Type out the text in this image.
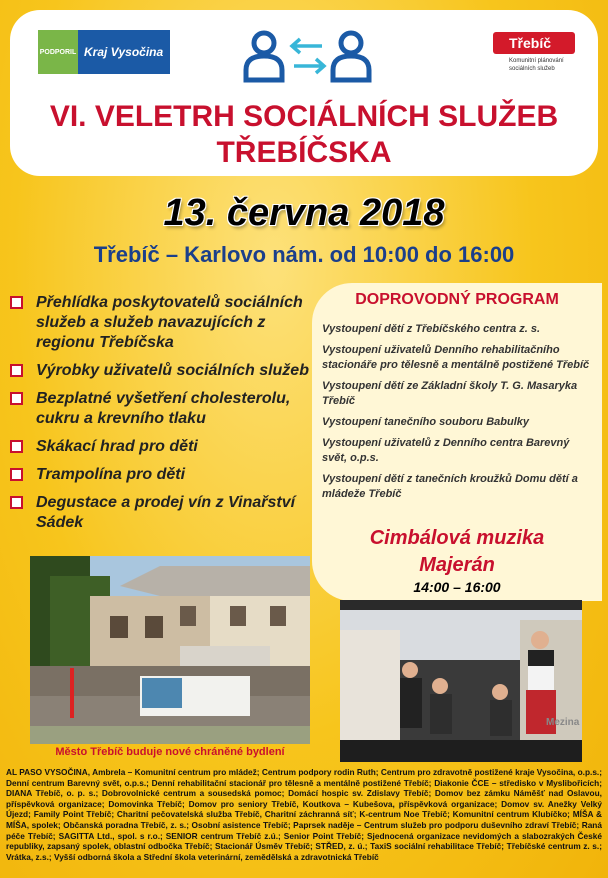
PODPORIL Kraj Vysočina
Třebíč
Komunitní plánování sociálních služeb
VI. VELETRH SOCIÁLNÍCH SLUŽEB
TŘEBÍČSKA
13. června 2018
Třebíč – Karlovo nám. od 10:00 do 16:00
Přehlídka poskytovatelů sociálních služeb a služeb navazujících z regionu Třebíčska
Výrobky uživatelů sociálních služeb
Bezplatné vyšetření cholesterolu, cukru a krevního tlaku
Skákací hrad pro děti
Trampolína pro děti
Degustace a prodej vín z Vinařství Sádek
DOPROVODNÝ PROGRAM
Vystoupení dětí z Třebíčského centra z. s.
Vystoupení uživatelů Denního rehabilitačního stacionáře pro tělesně a mentálně postižené Třebíč
Vystoupení dětí ze Základní školy T. G. Masaryka Třebíč
Vystoupení tanečního souboru Babulky
Vystoupení uživatelů z Denního centra Barevný svět, o.p.s.
Vystoupení dětí z tanečních kroužků Domu dětí a mládeže Třebíč
Cimbálová muzika
Majerán
14:00 – 16:00
Město Třebíč buduje nové chráněné bydlení
Mezina
AL PASO VYSOČINA, Ambrela – Komunitní centrum pro mládež; Centrum podpory rodin Ruth; Centrum pro zdravotně postižené kraje Vysočina, o.p.s.; Denní centrum Barevný svět, o.p.s.; Denní rehabilitační stacionář pro tělesně a mentálně postižené Třebíč; Diakonie ČCE – středisko v Myslibořicích; DIANA Třebíč, o. p. s.; Dobrovolnické centrum a sousedská pomoc; Domácí hospic sv. Zdislavy Třebíč; Domov bez zámku Náměšť nad Oslavou, příspěvková organizace; Domovinka Třebíč; Domov pro seniory Třebíč, Koutkova – Kubešova, příspěvková organizace; Domov sv. Anežky Velký Újezd; Family Point Třebíč; Charitní pečovatelská služba Třebíč, Charitní záchranná síť; K-centrum Noe Třebíč; Komunitní centrum Klubíčko; MÍŠA & MÍŠA, spolek; Občanská poradna Třebíč, z. s.; Osobní asistence Třebíč; Paprsek naděje – Centrum služeb pro podporu duševního zdraví Třebíč; Raná péče Třebíč; SAGITTA Ltd., spol. s r.o.; SENIOR centrum Třebíč z.ú.; Senior Point Třebíč; Sjednocená organizace nevidomých a slabozrakých České republiky, zapsaný spolek, oblastní odbočka Třebíč; Stacionář Úsměv Třebíč; STŘED, z. ú.; TaxiS sociální rehabilitace Třebíč; Třebíčské centrum z. s.; Vrátka, z.s.; Vyšší odborná škola a Střední škola veterinární, zemědělská a zdravotnická Třebíč
